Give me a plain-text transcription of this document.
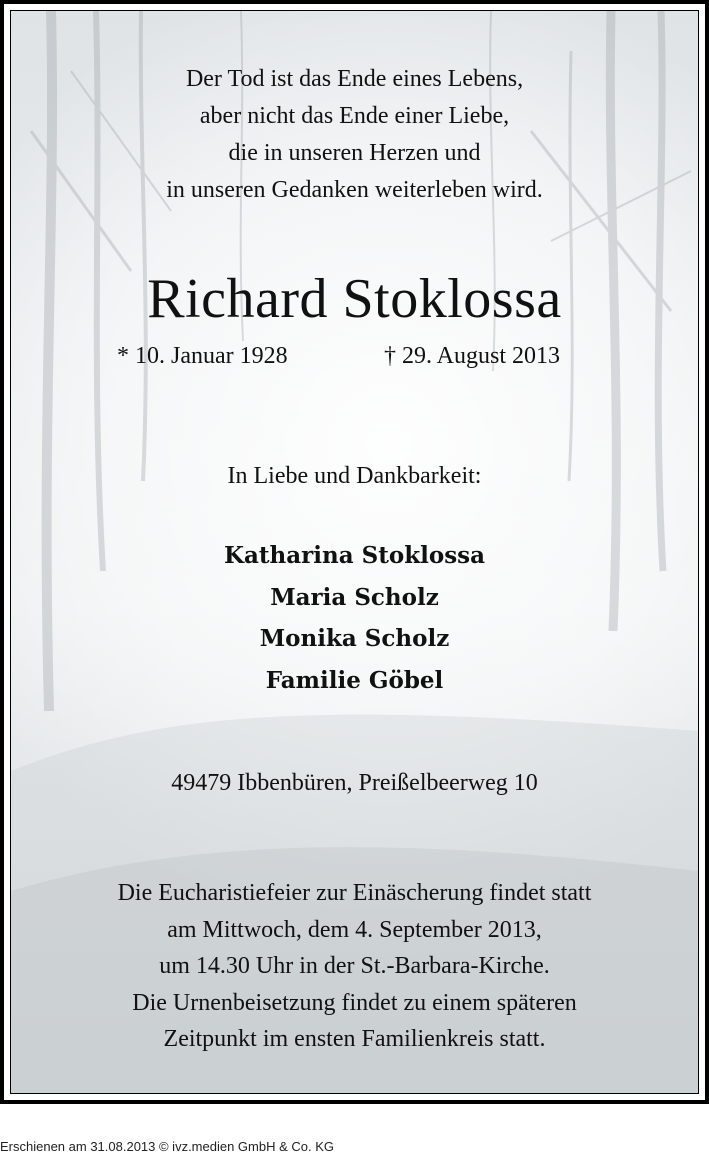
Der Tod ist das Ende eines Lebens,
aber nicht das Ende einer Liebe,
die in unseren Herzen und
in unseren Gedanken weiterleben wird.
Richard Stoklossa
* 10. Januar 1928	† 29. August 2013
In Liebe und Dankbarkeit:
Katharina Stoklossa
Maria Scholz
Monika Scholz
Familie Göbel
49479 Ibbenbüren, Preißelbeerweg 10
Die Eucharistiefeier zur Einäscherung findet statt
am Mittwoch, dem 4. September 2013,
um 14.30 Uhr in der St.-Barbara-Kirche.
Die Urnenbeisetzung findet zu einem späteren
Zeitpunkt im ensten Familienkreis statt.
Erschienen am 31.08.2013 © ivz.medien GmbH & Co. KG
